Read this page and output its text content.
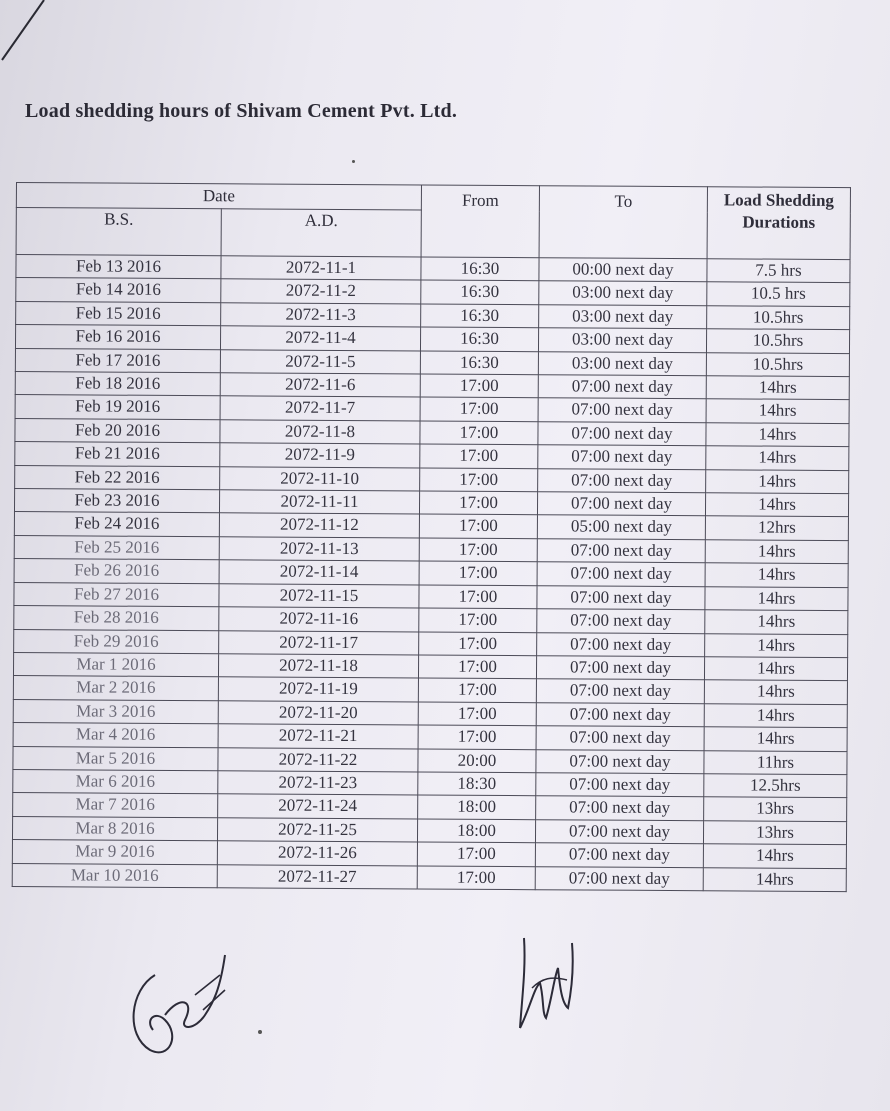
Load shedding hours of Shivam Cement Pvt. Ltd.
Date		From	To	Load Shedding Durations
B.S.	A.D.			
Feb 13 2016	2072-11-1	16:30	00:00 next day	7.5 hrs
Feb 14 2016	2072-11-2	16:30	03:00 next day	10.5 hrs
Feb 15 2016	2072-11-3	16:30	03:00 next day	10.5hrs
Feb 16 2016	2072-11-4	16:30	03:00 next day	10.5hrs
Feb 17 2016	2072-11-5	16:30	03:00 next day	10.5hrs
Feb 18 2016	2072-11-6	17:00	07:00 next day	14hrs
Feb 19 2016	2072-11-7	17:00	07:00 next day	14hrs
Feb 20 2016	2072-11-8	17:00	07:00 next day	14hrs
Feb 21 2016	2072-11-9	17:00	07:00 next day	14hrs
Feb 22 2016	2072-11-10	17:00	07:00 next day	14hrs
Feb 23 2016	2072-11-11	17:00	07:00 next day	14hrs
Feb 24 2016	2072-11-12	17:00	05:00 next day	12hrs
Feb 25 2016	2072-11-13	17:00	07:00 next day	14hrs
Feb 26 2016	2072-11-14	17:00	07:00 next day	14hrs
Feb 27 2016	2072-11-15	17:00	07:00 next day	14hrs
Feb 28 2016	2072-11-16	17:00	07:00 next day	14hrs
Feb 29 2016	2072-11-17	17:00	07:00 next day	14hrs
Mar 1 2016	2072-11-18	17:00	07:00 next day	14hrs
Mar 2 2016	2072-11-19	17:00	07:00 next day	14hrs
Mar 3 2016	2072-11-20	17:00	07:00 next day	14hrs
Mar 4 2016	2072-11-21	17:00	07:00 next day	14hrs
Mar 5 2016	2072-11-22	20:00	07:00 next day	11hrs
Mar 6 2016	2072-11-23	18:30	07:00 next day	12.5hrs
Mar 7 2016	2072-11-24	18:00	07:00 next day	13hrs
Mar 8 2016	2072-11-25	18:00	07:00 next day	13hrs
Mar 9 2016	2072-11-26	17:00	07:00 next day	14hrs
Mar 10 2016	2072-11-27	17:00	07:00 next day	14hrs
